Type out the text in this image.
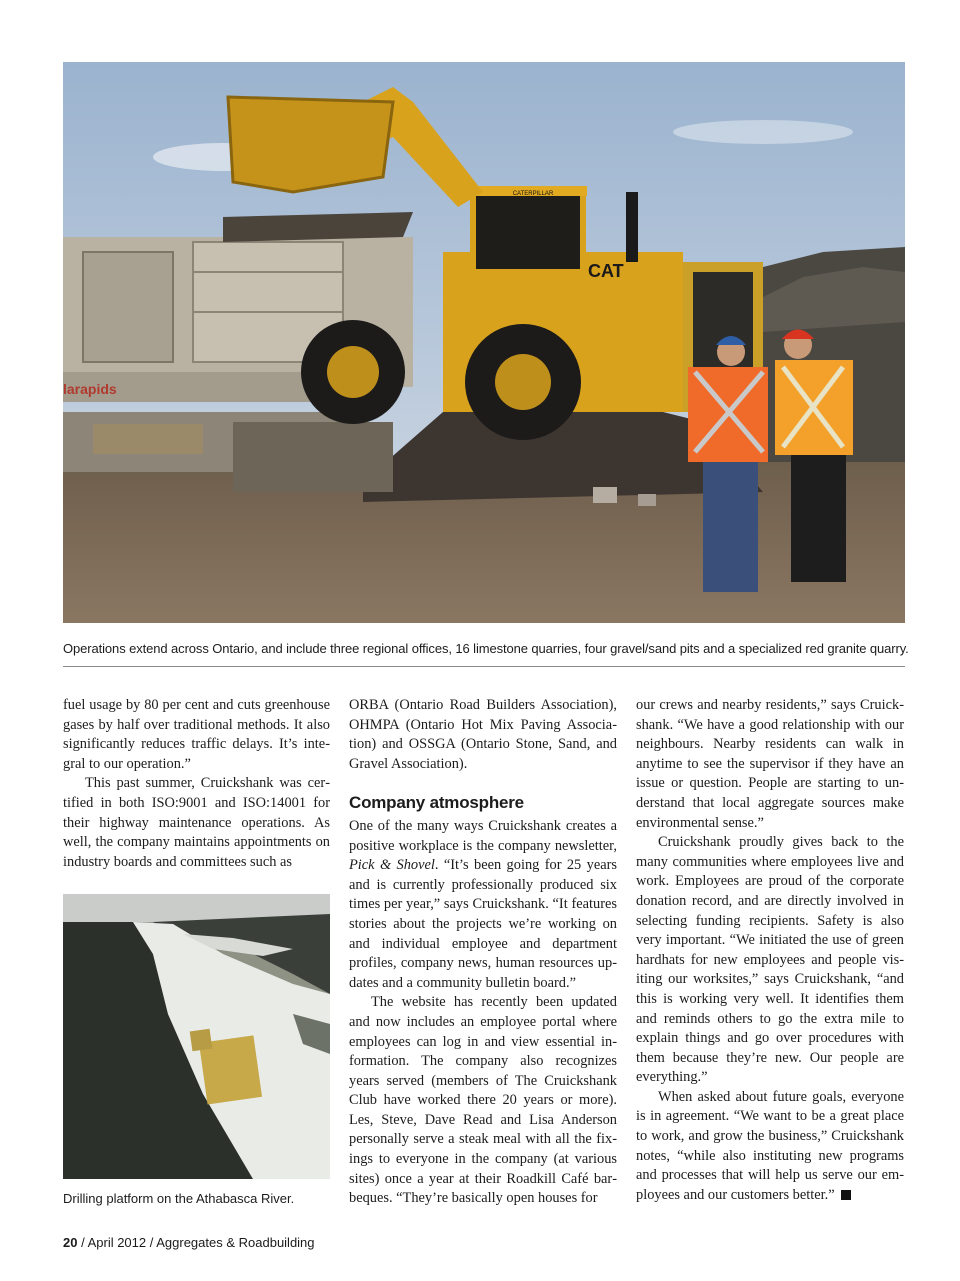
larapids
CATERPILLAR
CAT
Operations extend across Ontario, and include three regional offices, 16 limestone quarries, four gravel/sand pits and a specialized red granite quarry.

fuel usage by 80 per cent and cuts greenhouse gases by half over traditional methods. It also significantly reduces traffic delays. It’s integral to our operation.”

This past summer, Cruickshank was certified in both ISO:9001 and ISO:14001 for their highway maintenance operations. As well, the company maintains appointments on industry boards and committees such as

Drilling platform on the Athabasca River.

ORBA (Ontario Road Builders Association), OHMPA (Ontario Hot Mix Paving Association) and OSSGA (Ontario Stone, Sand, and Gravel Association).

Company atmosphere

One of the many ways Cruickshank creates a positive workplace is the company newsletter, Pick & Shovel. “It’s been going for 25 years and is currently professionally produced six times per year,” says Cruickshank. “It features stories about the projects we’re working on and individual employee and department profiles, company news, human resources updates and a community bulletin board.”

The website has recently been updated and now includes an employee portal where employees can log in and view essential information. The company also recognizes years served (members of The Cruickshank Club have worked there 20 years or more). Les, Steve, Dave Read and Lisa Anderson personally serve a steak meal with all the fixings to everyone in the company (at various sites) once a year at their Roadkill Café barbeques. “They’re basically open houses for

our crews and nearby residents,” says Cruickshank. “We have a good relationship with our neighbours. Nearby residents can walk in anytime to see the supervisor if they have an issue or question. People are starting to understand that local aggregate sources make environmental sense.”

Cruickshank proudly gives back to the many communities where employees live and work. Employees are proud of the corporate donation record, and are directly involved in selecting funding recipients. Safety is also very important. “We initiated the use of green hardhats for new employees and people visiting our worksites,” says Cruickshank, “and this is working very well. It identifies them and reminds others to go the extra mile to explain things and go over procedures with them because they’re new. Our people are everything.”

When asked about future goals, everyone is in agreement. “We want to be a great place to work, and grow the business,” Cruickshank notes, “while also instituting new programs and processes that will help us serve our employees and our customers better.”

20 / April 2012 / Aggregates & Roadbuilding
